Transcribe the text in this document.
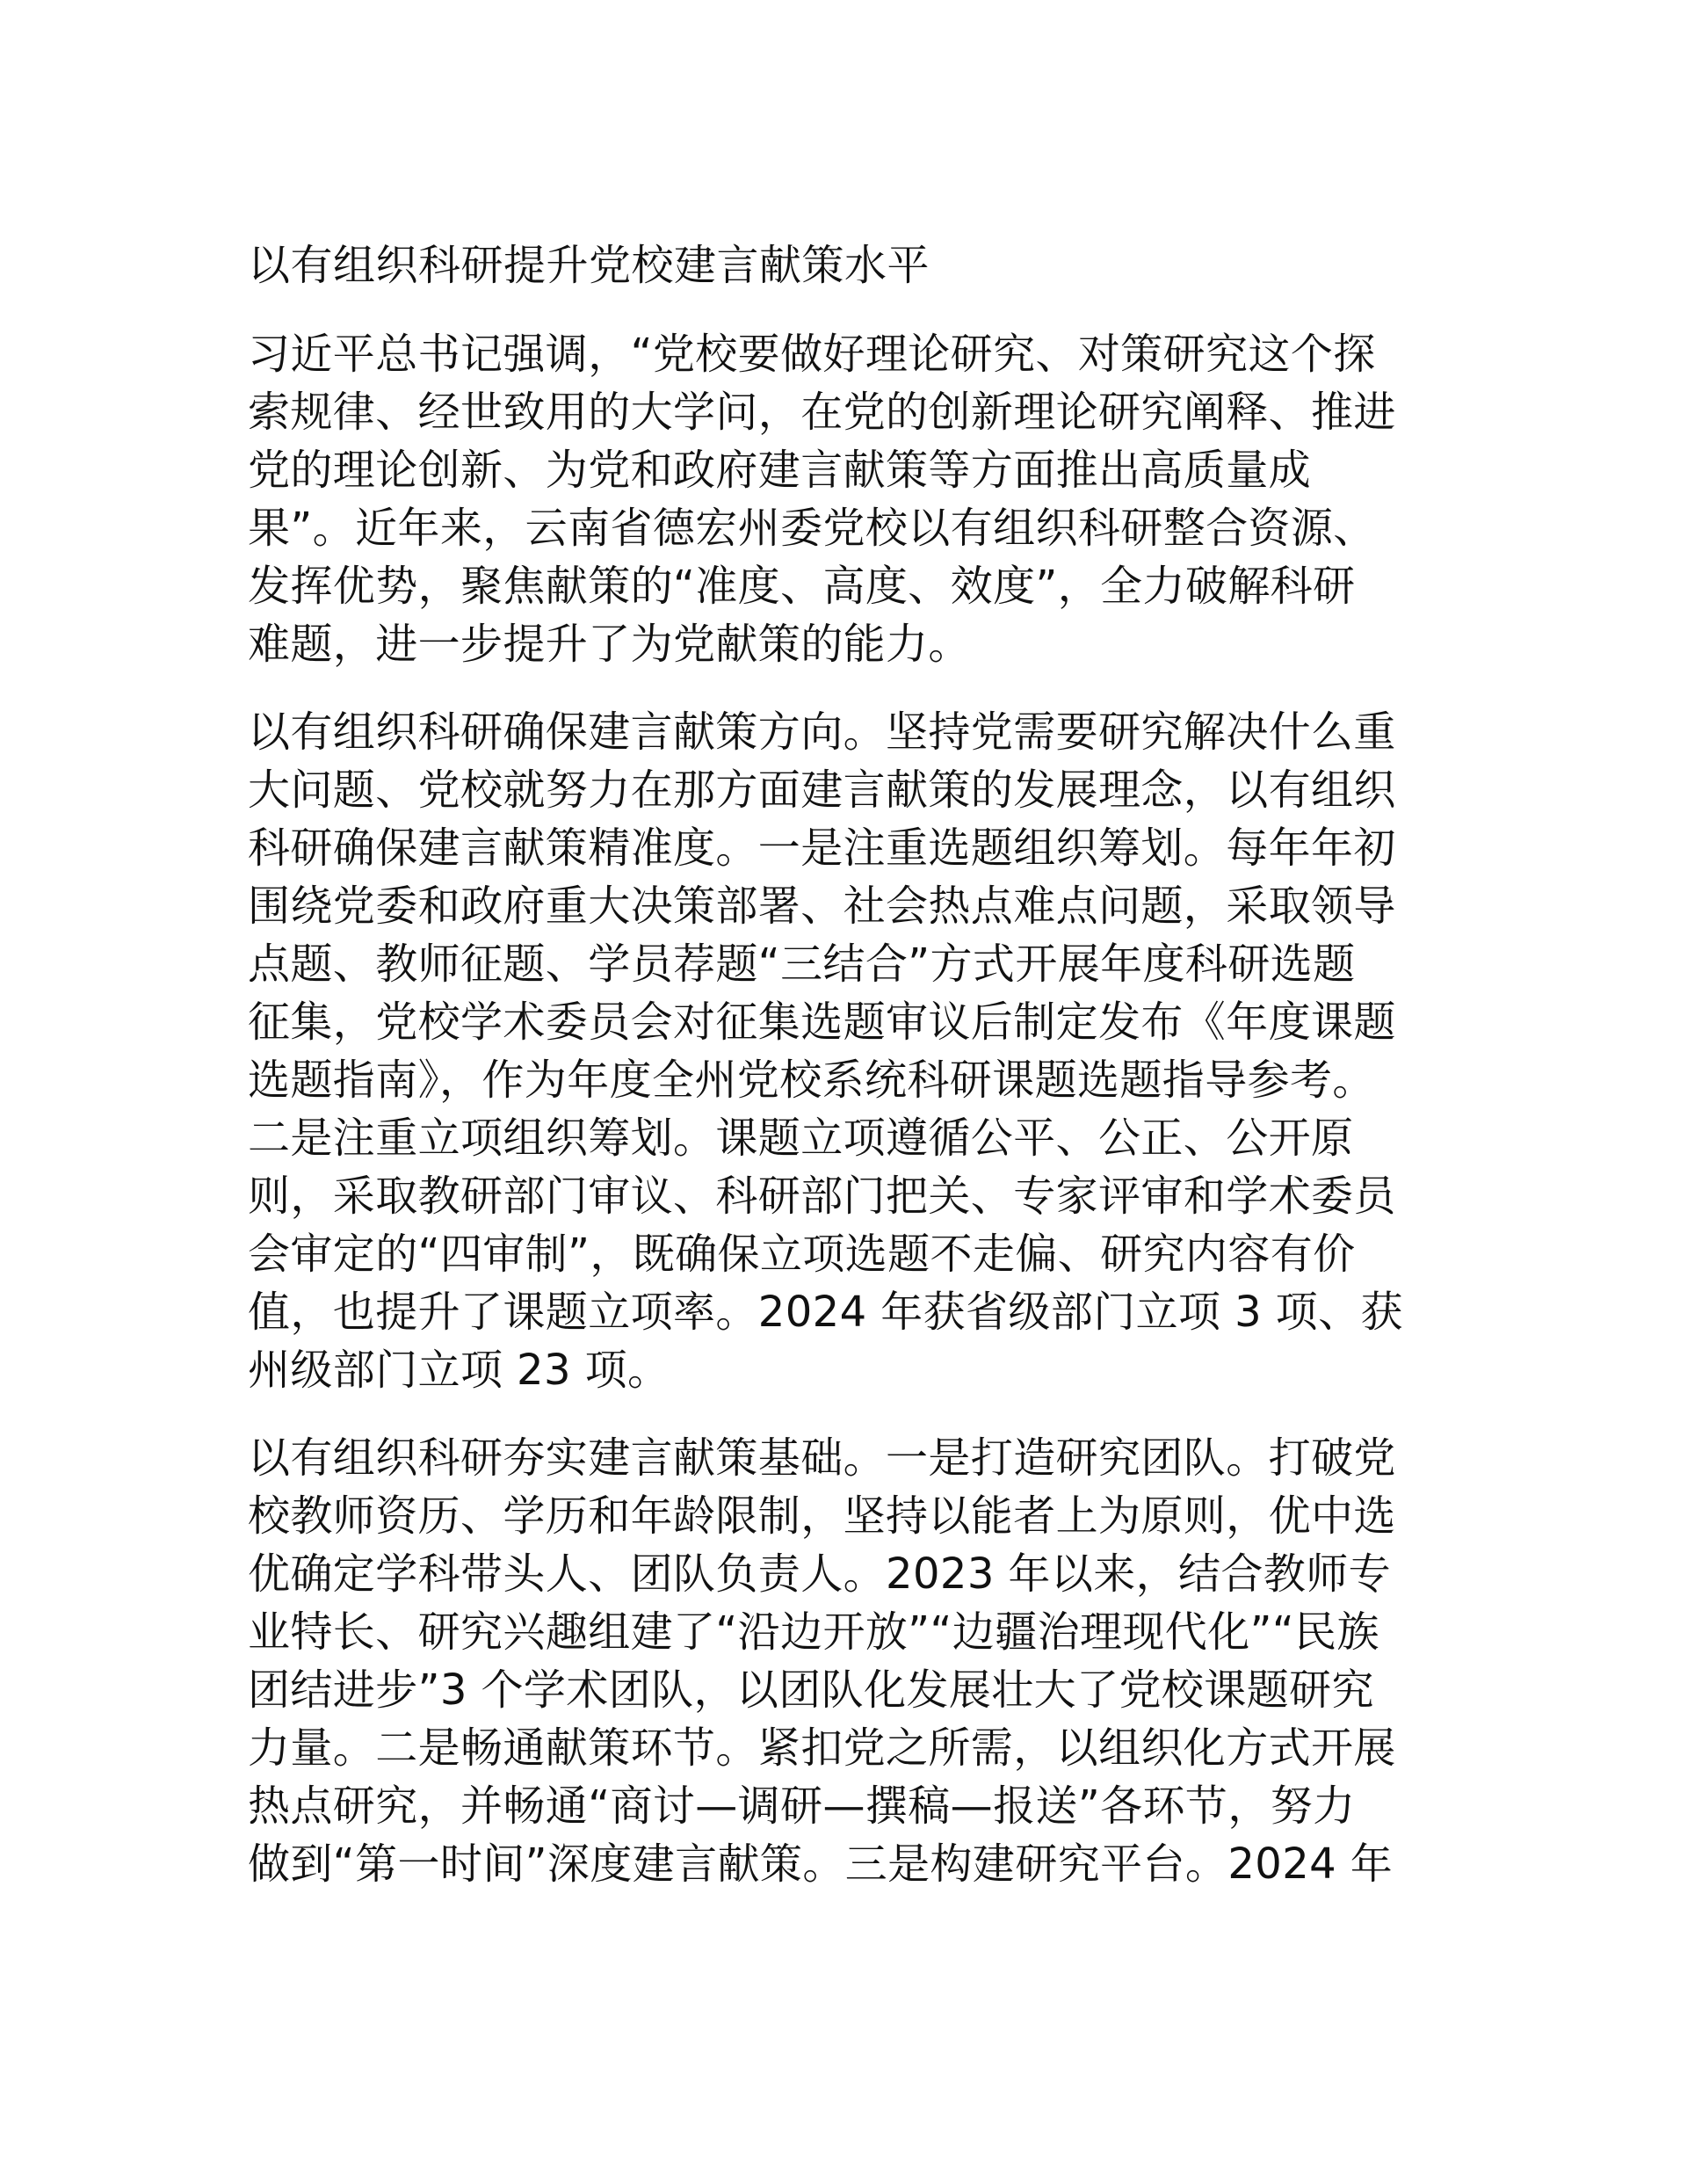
以有组织科研提升党校建言献策水平
习近平总书记强调，“党校要做好理论研究、对策研究这个探
索规律、经世致用的大学问，在党的创新理论研究阐释、推进
党的理论创新、为党和政府建言献策等方面推出高质量成
果”。近年来，云南省德宏州委党校以有组织科研整合资源、
发挥优势，聚焦献策的“准度、高度、效度”，全力破解科研
难题，进一步提升了为党献策的能力。
以有组织科研确保建言献策方向。坚持党需要研究解决什么重
大问题、党校就努力在那方面建言献策的发展理念，以有组织
科研确保建言献策精准度。一是注重选题组织筹划。每年年初
围绕党委和政府重大决策部署、社会热点难点问题，采取领导
点题、教师征题、学员荐题“三结合”方式开展年度科研选题
征集，党校学术委员会对征集选题审议后制定发布《年度课题
选题指南》，作为年度全州党校系统科研课题选题指导参考。
二是注重立项组织筹划。课题立项遵循公平、公正、公开原
则，采取教研部门审议、科研部门把关、专家评审和学术委员
会审定的“四审制”，既确保立项选题不走偏、研究内容有价
值，也提升了课题立项率。2024 年获省级部门立项 3 项、获
州级部门立项 23 项。
以有组织科研夯实建言献策基础。一是打造研究团队。打破党
校教师资历、学历和年龄限制，坚持以能者上为原则，优中选
优确定学科带头人、团队负责人。2023 年以来，结合教师专
业特长、研究兴趣组建了“沿边开放”“边疆治理现代化”“民族
团结进步”3 个学术团队，以团队化发展壮大了党校课题研究
力量。二是畅通献策环节。紧扣党之所需，以组织化方式开展
热点研究，并畅通“商讨—调研—撰稿—报送”各环节，努力
做到“第一时间”深度建言献策。三是构建研究平台。2024 年
